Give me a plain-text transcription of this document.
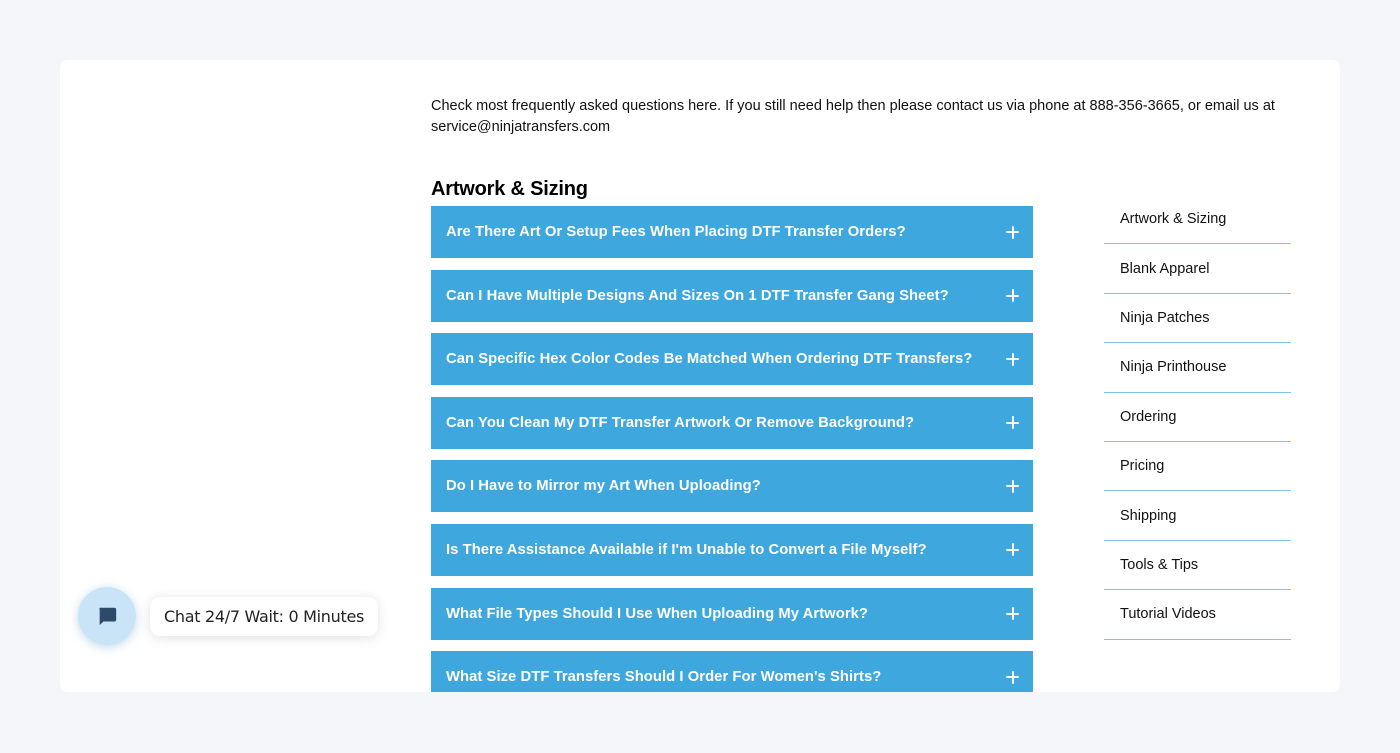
Check most frequently asked questions here. If you still need help then please contact us via phone at 888-356-3665, or email us at service@ninjatransfers.com

Artwork & Sizing
Are There Art Or Setup Fees When Placing DTF Transfer Orders?
Can I Have Multiple Designs And Sizes On 1 DTF Transfer Gang Sheet?
Can Specific Hex Color Codes Be Matched When Ordering DTF Transfers?
Can You Clean My DTF Transfer Artwork Or Remove Background?
Do I Have to Mirror my Art When Uploading?
Is There Assistance Available if I'm Unable to Convert a File Myself?
What File Types Should I Use When Uploading My Artwork?
What Size DTF Transfers Should I Order For Women's Shirts?
Artwork & Sizing
Blank Apparel
Ninja Patches
Ninja Printhouse
Ordering
Pricing
Shipping
Tools & Tips
Tutorial Videos
Chat 24/7 Wait: 0 Minutes
